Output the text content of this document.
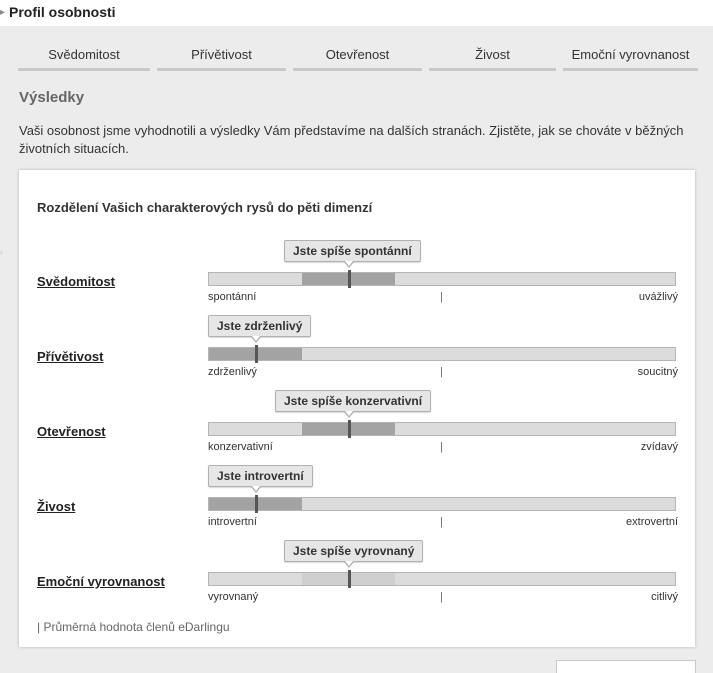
▸ Profil osobnosti
Svědomitost	Přívětivost	Otevřenost	Živost	Emoční vyrovnanost
Výsledky
Vaši osobnost jsme vyhodnotili a výsledky Vám představíme na dalších stranách. Zjistěte, jak se chováte v běžných životních situacích.
Rozdělení Vašich charakterových rysů do pěti dimenzí
Svědomitost
Jste spíše spontánní
spontánní	|	uvážlivý
Přívětivost
Jste zdrženlivý
zdrženlivý	|	soucitný
Otevřenost
Jste spíše konzervativní
konzervativní	|	zvídavý
Živost
Jste introvertní
introvertní	|	extrovertní
Emoční vyrovnanost
Jste spíše vyrovnaný
vyrovnaný	|	citlivý
| Průměrná hodnota členů eDarlingu
›
